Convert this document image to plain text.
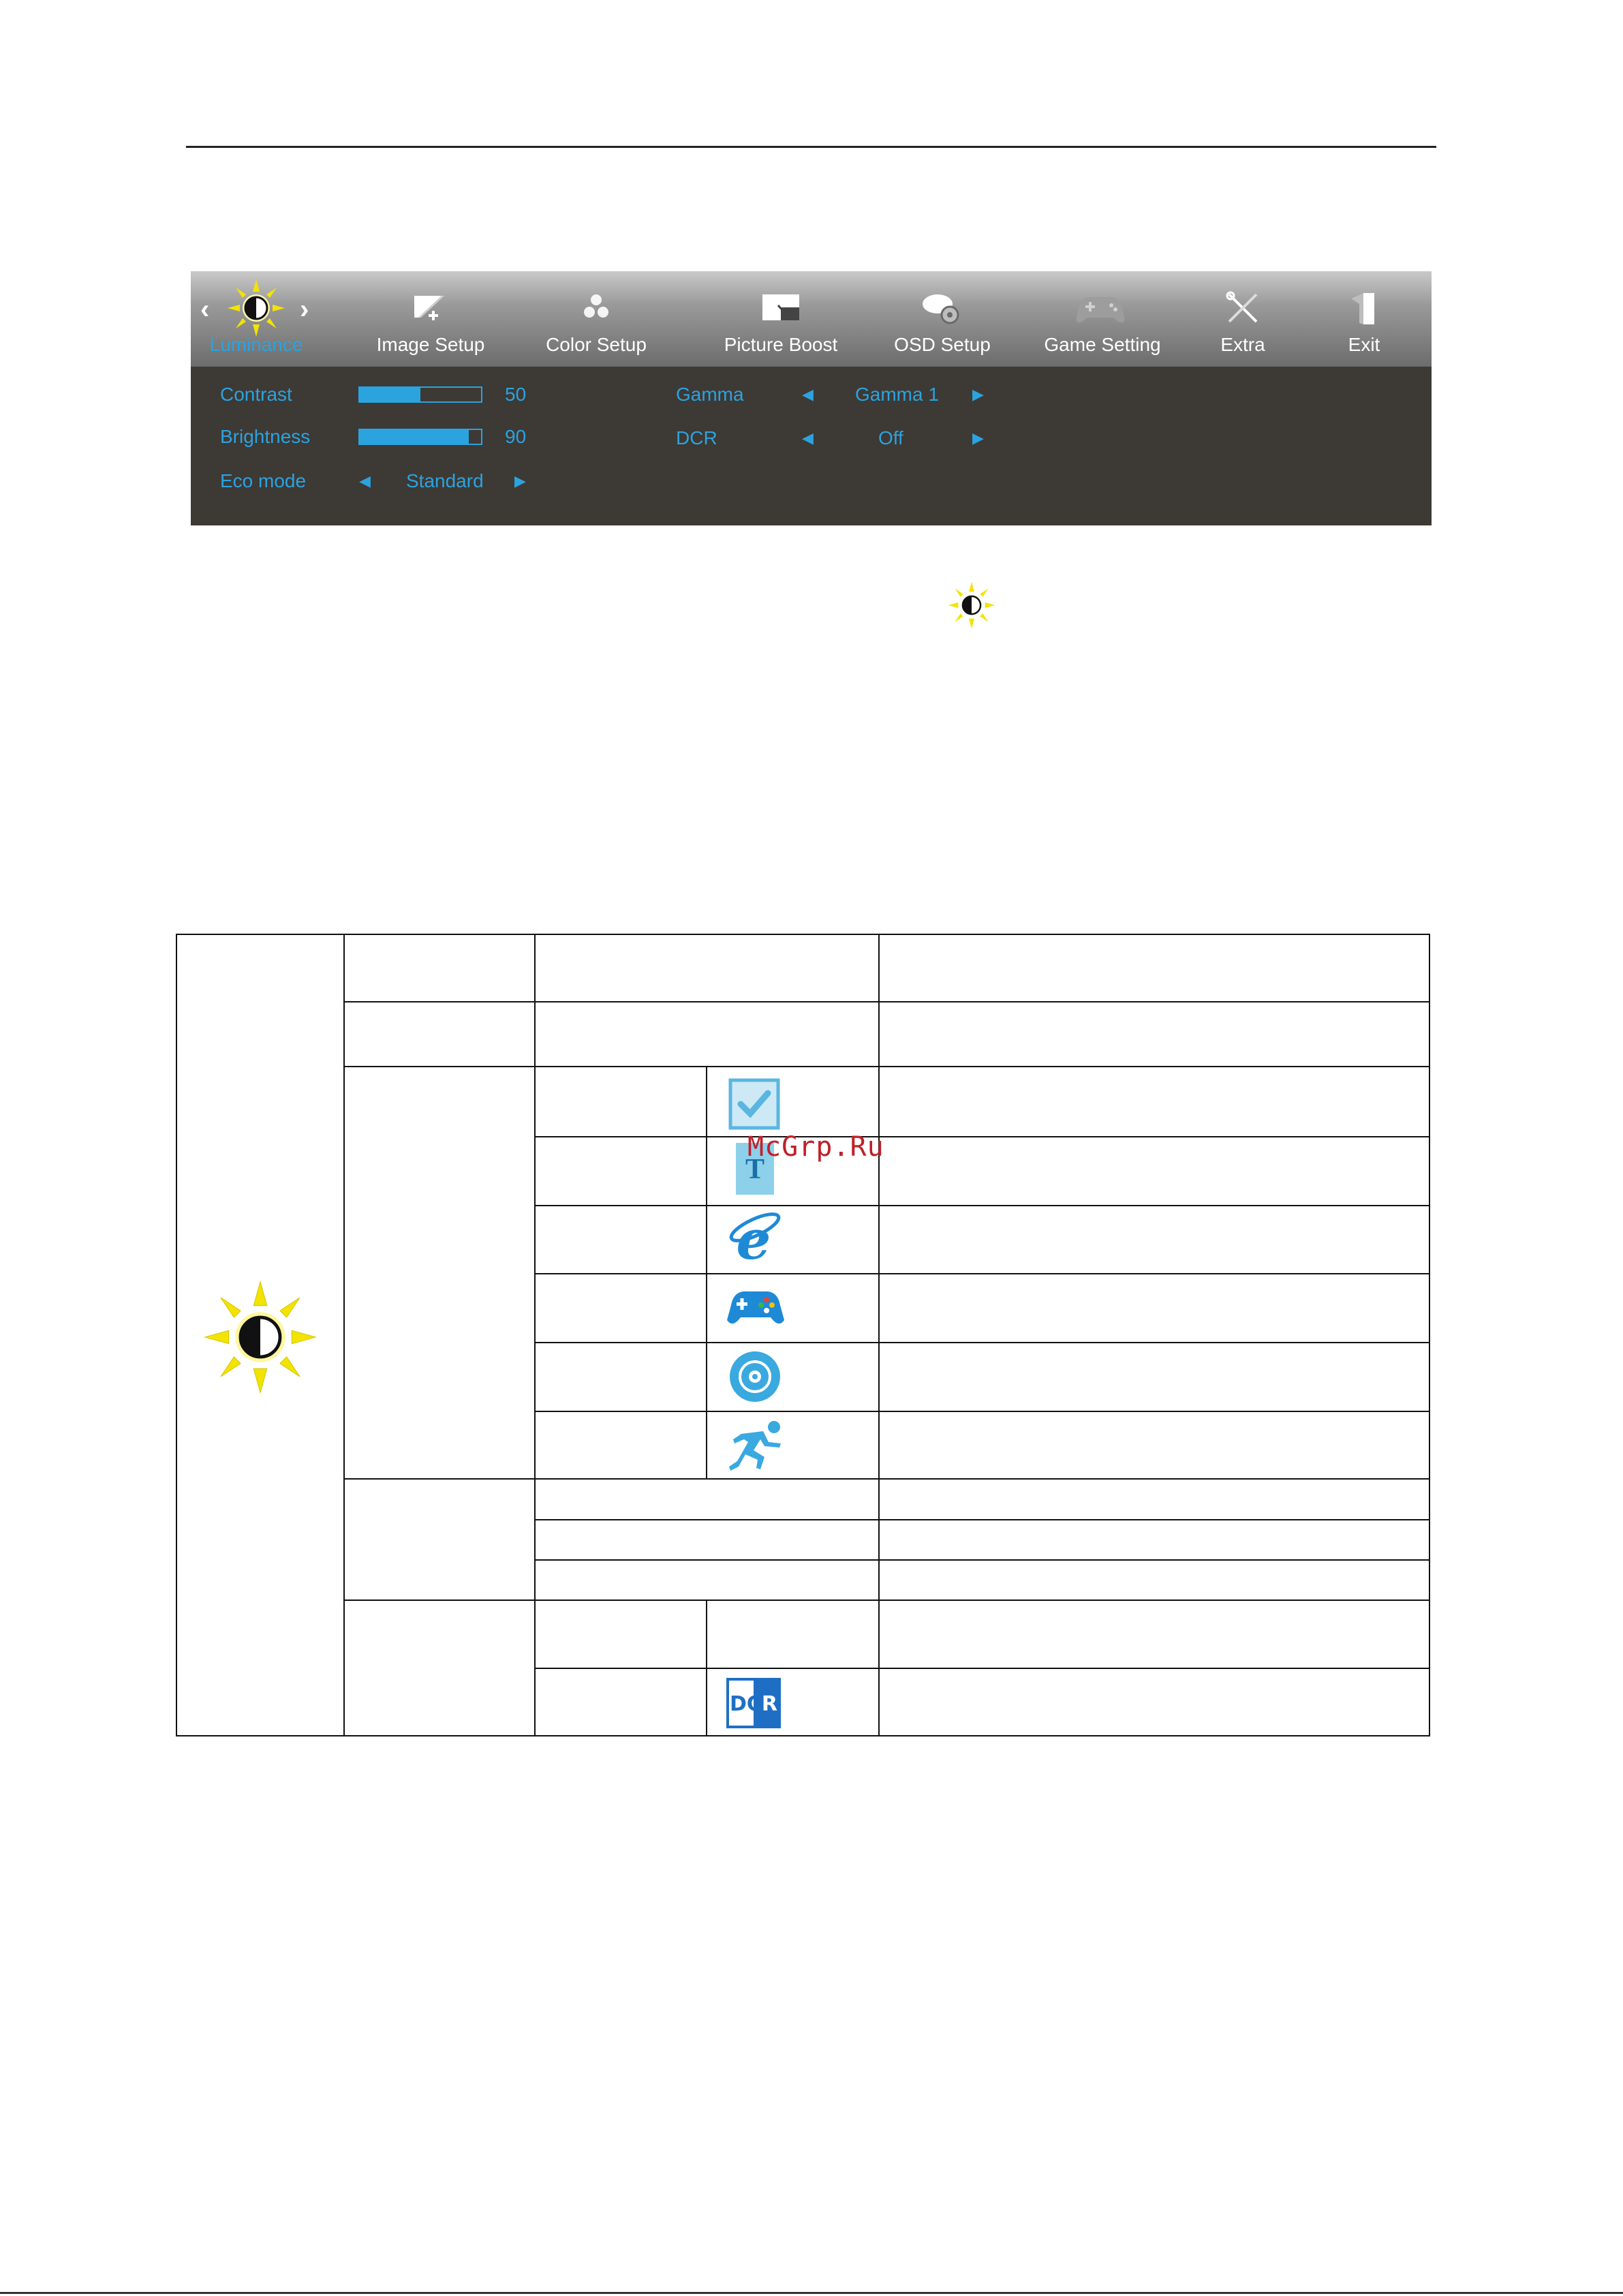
‹	›
Luminance	Image Setup	Color Setup	Picture Boost	OSD Setup	Game Setting	Extra	Exit
Contrast	50
Brightness	90
Eco mode	◀ Standard ▶
Gamma	◀ Gamma 1 ▶
DCR	◀	Off	▶
T
e
DCR
McGrp.Ru
